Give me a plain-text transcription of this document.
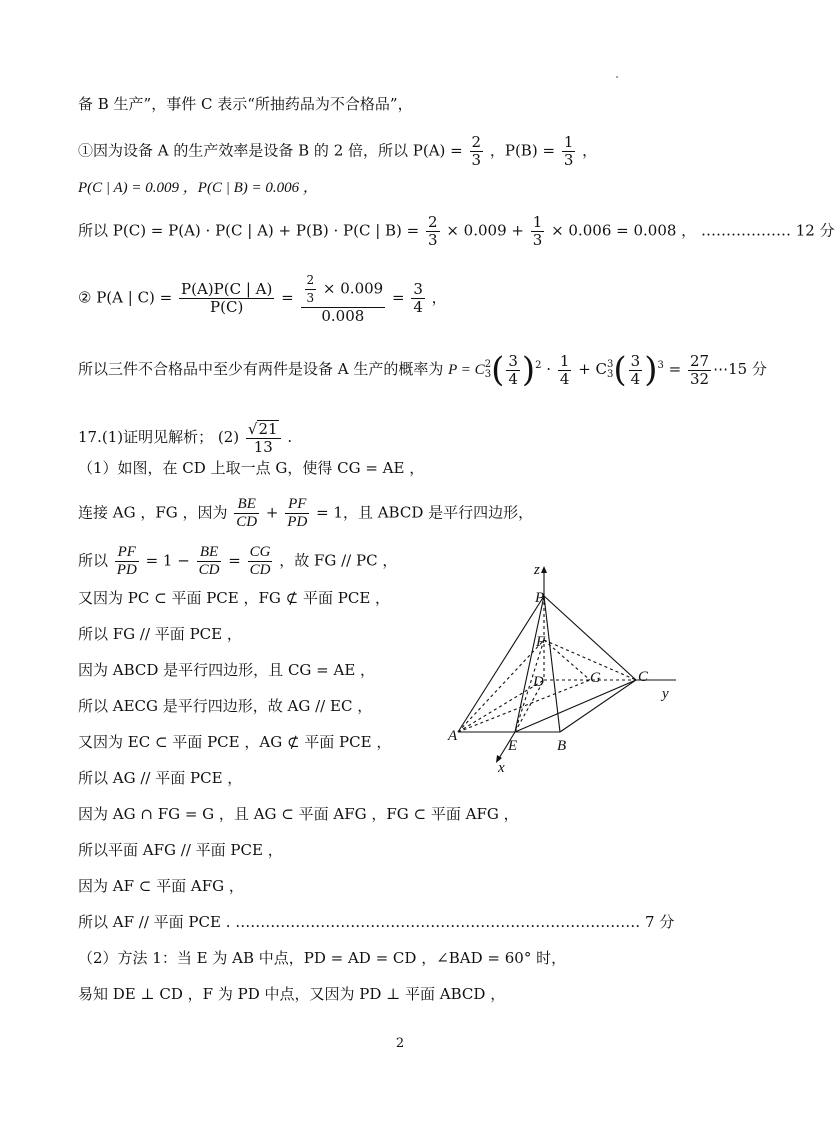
备 B 生产”，事件 C 表示“所抽药品为不合格品”，
①因为设备 A 的生产效率是设备 B 的 2 倍，所以 $P(A) = \frac{2}{3}$ ，$P(B) = \frac{1}{3}$ ，
P(C | A) = 0.009 ，P(C | B) = 0.006 ，
所以 P(C) = P(A) · P(C | A) + P(B) · P(C | $B) = \frac{2}{3} \times 0.009 + \frac{1}{3} \times 0.006 = 0.008$ ， ……………… 12 分
② P(A | $C) = \frac{P(A)P(C | A)}{P(C)} = \frac{\frac{2}{3} \times 0.009}{0.008} = \frac{3}{4}$ ，
所以三件不合格品中至少有两件是设备 A 生产的概率为 P = C 2
3 ( $\frac{3}{4} )^2 \cdot \frac{1}{4} + C$ 3
3 ( $\frac{3}{4} )^3 = \frac{27}{32}$ ⋯15 分
17.(1)证明见解析； $(2) \frac{√21}{13}$ .
（1）如图，在 CD 上取一点 G，使得 CG = AE ，
连接 AG ，FG ，因为 $\frac{BE}{CD} + \frac{PF}{PD} = 1$，且 ABCD 是平行四边形，
所以 $\frac{PF}{PD} = 1 - \frac{BE}{CD} = \frac{CG}{CD}$ ，故 FG // PC ，
又因为 PC ⊂ 平面 PCE ，FG ⊄ 平面 PCE ，
所以 FG // 平面 PCE ，
因为 ABCD 是平行四边形，且 CG = AE ，
所以 AECG 是平行四边形，故 AG // EC ，
又因为 EC ⊂ 平面 PCE ，AG ⊄ 平面 PCE ，
所以 AG // 平面 PCE ，
因为 AG ∩ FG = G ，且 AG ⊂ 平面 AFG ，FG ⊂ 平面 AFG ，
所以平面 AFG // 平面 PCE ，
因为 AF ⊂ 平面 AFG ，
所以 AF // 平面 PCE . ……………………………………………………………………… 7 分
（2）方法 1：当 E 为 AB 中点，PD = AD = CD ，∠BAD = 60° 时，
易知 DE ⊥ CD ，F 为 PD 中点，又因为 PD ⊥ 平面 ABCD ，
P
z
F
D	G C
y
A
E	B
x
2
